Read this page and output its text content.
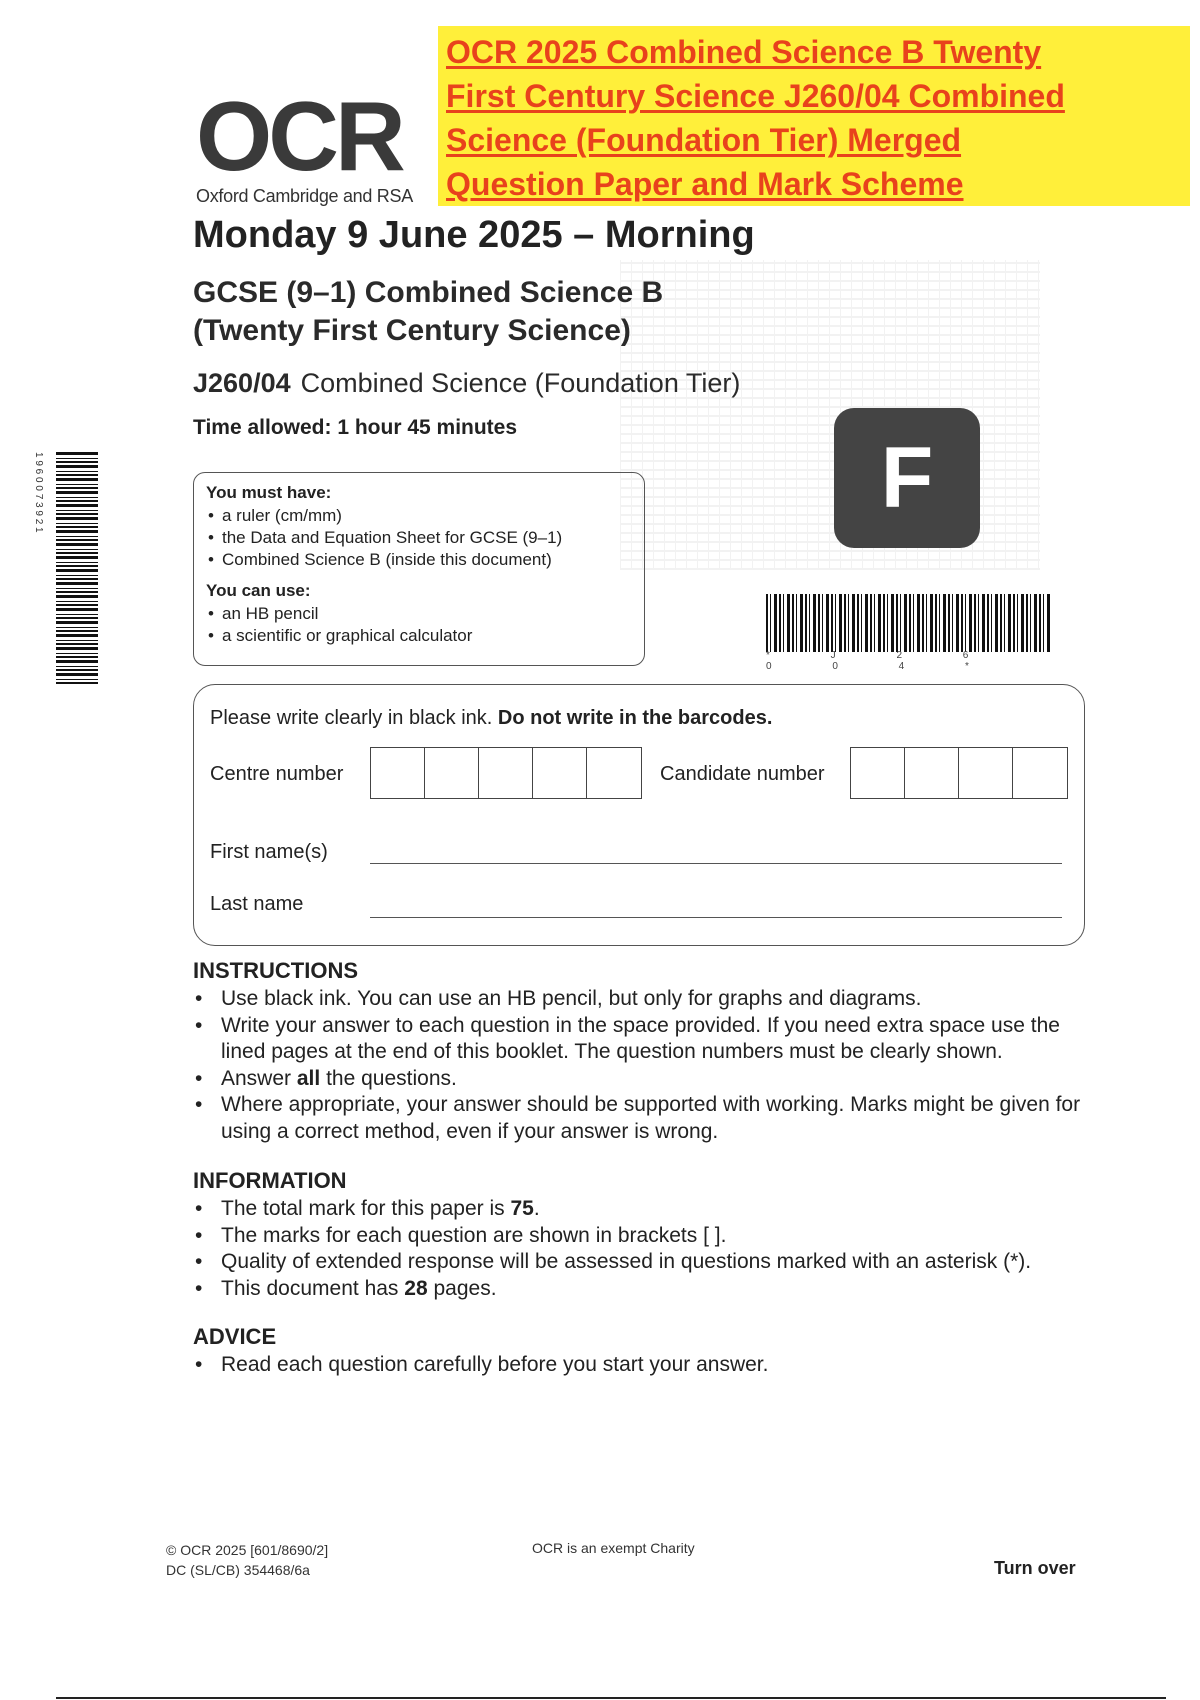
OCR 2025 Combined Science B Twenty
First Century Science J260/04 Combined
Science (Foundation Tier) Merged
Question Paper and Mark Scheme
OCR
Oxford Cambridge and RSA
Monday 9 June 2025 – Morning
GCSE (9–1) Combined Science B
(Twenty First Century Science)
J260/04 Combined Science (Foundation Tier)
Time allowed: 1 hour 45 minutes
F
1 9 6 0 0 7 3 9 2 1
* J 2 6 0 0 4 *
You must have:
• a ruler (cm/mm)
• the Data and Equation Sheet for GCSE (9–1)
• Combined Science B (inside this document)
You can use:
• an HB pencil
• a scientific or graphical calculator
Please write clearly in black ink. Do not write in the barcodes.
Centre number	Candidate number
First name(s)
Last name
INSTRUCTIONS
• Use black ink. You can use an HB pencil, but only for graphs and diagrams.
• Write your answer to each question in the space provided. If you need extra space use the lined pages at the end of this booklet. The question numbers must be clearly shown.
• Answer all the questions.
• Where appropriate, your answer should be supported with working. Marks might be given for using a correct method, even if your answer is wrong.
INFORMATION
• The total mark for this paper is 75.
• The marks for each question are shown in brackets [ ].
• Quality of extended response will be assessed in questions marked with an asterisk (*).
• This document has 28 pages.
ADVICE
• Read each question carefully before you start your answer.
© OCR 2025 [601/8690/2]
DC (SL/CB) 354468/6a
OCR is an exempt Charity
Turn over
